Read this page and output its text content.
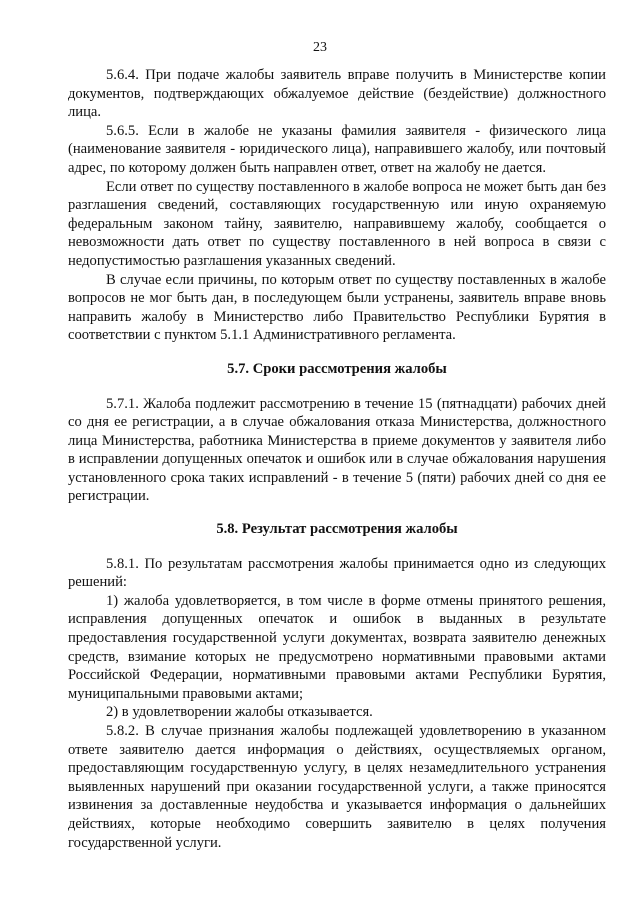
23

5.6.4. При подаче жалобы заявитель вправе получить в Министерстве копии документов, подтверждающих обжалуемое действие (бездействие) должностного лица.

5.6.5. Если в жалобе не указаны фамилия заявителя - физического лица (наименование заявителя - юридического лица), направившего жалобу, или почтовый адрес, по которому должен быть направлен ответ, ответ на жалобу не дается.

Если ответ по существу поставленного в жалобе вопроса не может быть дан без разглашения сведений, составляющих государственную или иную охраняемую федеральным законом тайну, заявителю, направившему жалобу, сообщается о невозможности дать ответ по существу поставленного в ней вопроса в связи с недопустимостью разглашения указанных сведений.

В случае если причины, по которым ответ по существу поставленных в жалобе вопросов не мог быть дан, в последующем были устранены, заявитель вправе вновь направить жалобу в Министерство либо Правительство Республики Бурятия в соответствии с пунктом 5.1.1 Административного регламента.

5.7. Сроки рассмотрения жалобы

5.7.1. Жалоба подлежит рассмотрению в течение 15 (пятнадцати) рабочих дней со дня ее регистрации, а в случае обжалования отказа Министерства, должностного лица Министерства, работника Министерства в приеме документов у заявителя либо в исправлении допущенных опечаток и ошибок или в случае обжалования нарушения установленного срока таких исправлений - в течение 5 (пяти) рабочих дней со дня ее регистрации.

5.8. Результат рассмотрения жалобы

5.8.1. По результатам рассмотрения жалобы принимается одно из следующих решений:

1) жалоба удовлетворяется, в том числе в форме отмены принятого решения, исправления допущенных опечаток и ошибок в выданных в результате предоставления государственной услуги документах, возврата заявителю денежных средств, взимание которых не предусмотрено нормативными правовыми актами Российской Федерации, нормативными правовыми актами Республики Бурятия, муниципальными правовыми актами;

2) в удовлетворении жалобы отказывается.

5.8.2. В случае признания жалобы подлежащей удовлетворению в указанном ответе заявителю дается информация о действиях, осуществляемых органом, предоставляющим государственную услугу, в целях незамедлительного устранения выявленных нарушений при оказании государственной услуги, а также приносятся извинения за доставленные неудобства и указывается информация о дальнейших действиях, которые необходимо совершить заявителю в целях получения государственной услуги.
